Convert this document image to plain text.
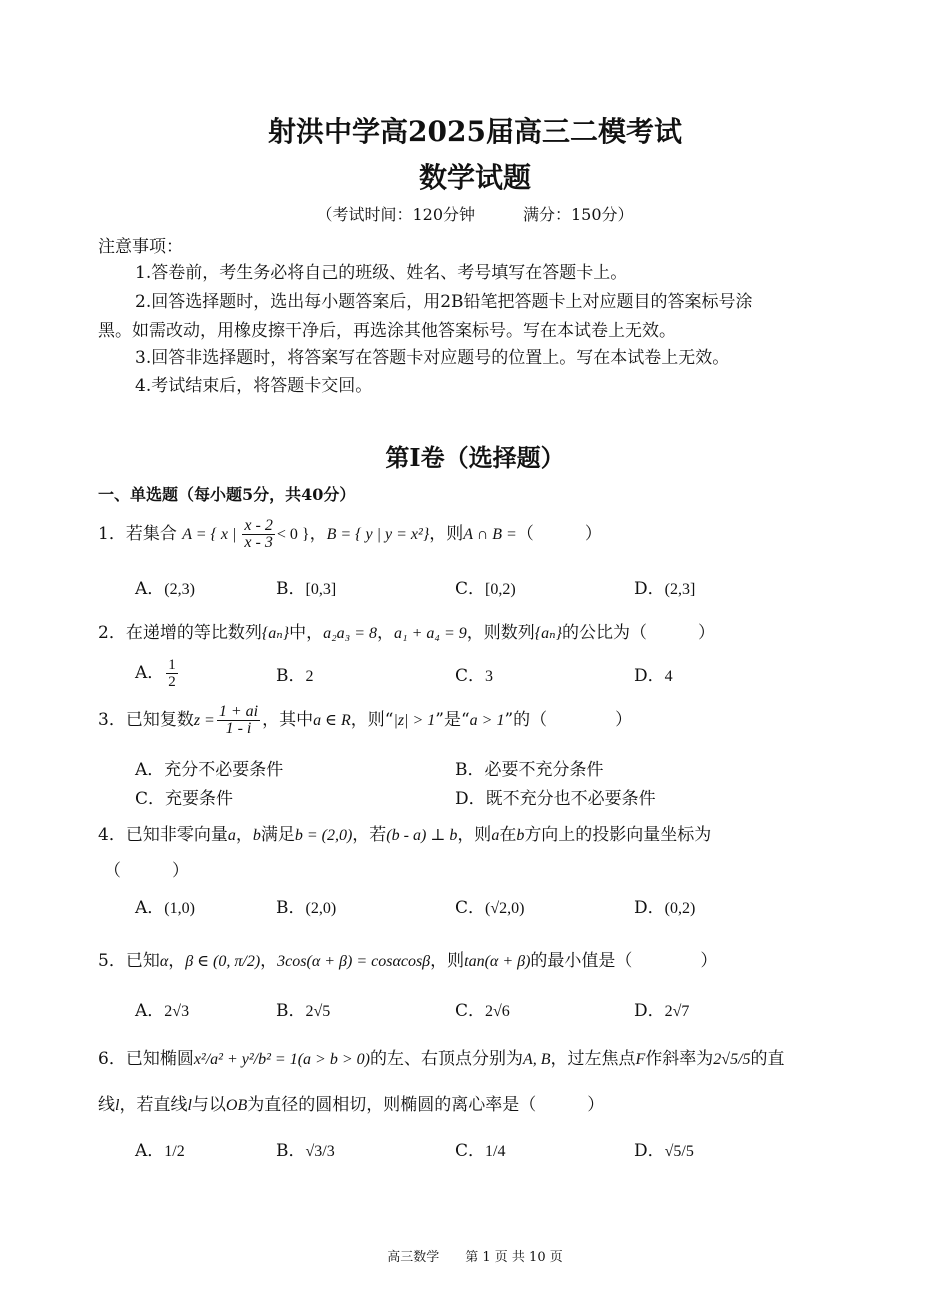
射洪中学高2025届高三二模考试
数学试题
（考试时间：120分钟　　　满分：150分）
注意事项：
1.答卷前，考生务必将自己的班级、姓名、考号填写在答题卡上。
2.回答选择题时，选出每小题答案后，用2B铅笔把答题卡上对应题目的答案标号涂
黑。如需改动，用橡皮擦干净后，再选涂其他答案标号。写在本试卷上无效。
3.回答非选择题时，将答案写在答题卡对应题号的位置上。写在本试卷上无效。
4.考试结束后，将答题卡交回。
第I卷（选择题）
一、单选题（每小题5分，共40分）
1．若集合 A = { x | $\frac{x - 2}{x - 3} < 0$ }，B = { y | y = x²}，则A ∩ B =（　　　）
A．(2,3)	B．[0,3]	C．[0,2)	D．(2,3]
2．在递增的等比数列{aₙ}中，a₂a₃ = 8，a₁ + a₄ = 9，则数列{aₙ}的公比为（　　　）
A． $\frac{1}{2}$	B．2	C．3	D．4
3．已知复数$z = \frac{1 + ai}{1 - i}$ ，其中a ∈ R，则“|z| > 1”是“a > 1”的（　　　　）
A．充分不必要条件	B．必要不充分条件
C．充要条件	D．既不充分也不必要条件
4．已知非零向量a，b满足b = (2,0)，若(b - a) ⊥ b，则a在b方向上的投影向量坐标为
（　　　）
A．(1,0)	B．(2,0)	C．(√2,0)	D．(0,2)
5．已知α，β ∈ (0, π/2)，3cos(α + β) = cosαcosβ，则tan(α + β)的最小值是（　　　　）
A．2√3	B．2√5	C．2√6	D．2√7
6．已知椭圆x²/a² + y²/b² = 1(a > b > 0)的左、右顶点分别为A, B，过左焦点F作斜率为2√5/5的直
线l，若直线l与以OB为直径的圆相切，则椭圆的离心率是（　　　）
A．1/2	B．√3/3	C．1/4	D．√5/5
高三数学　　第 1 页 共 10 页
